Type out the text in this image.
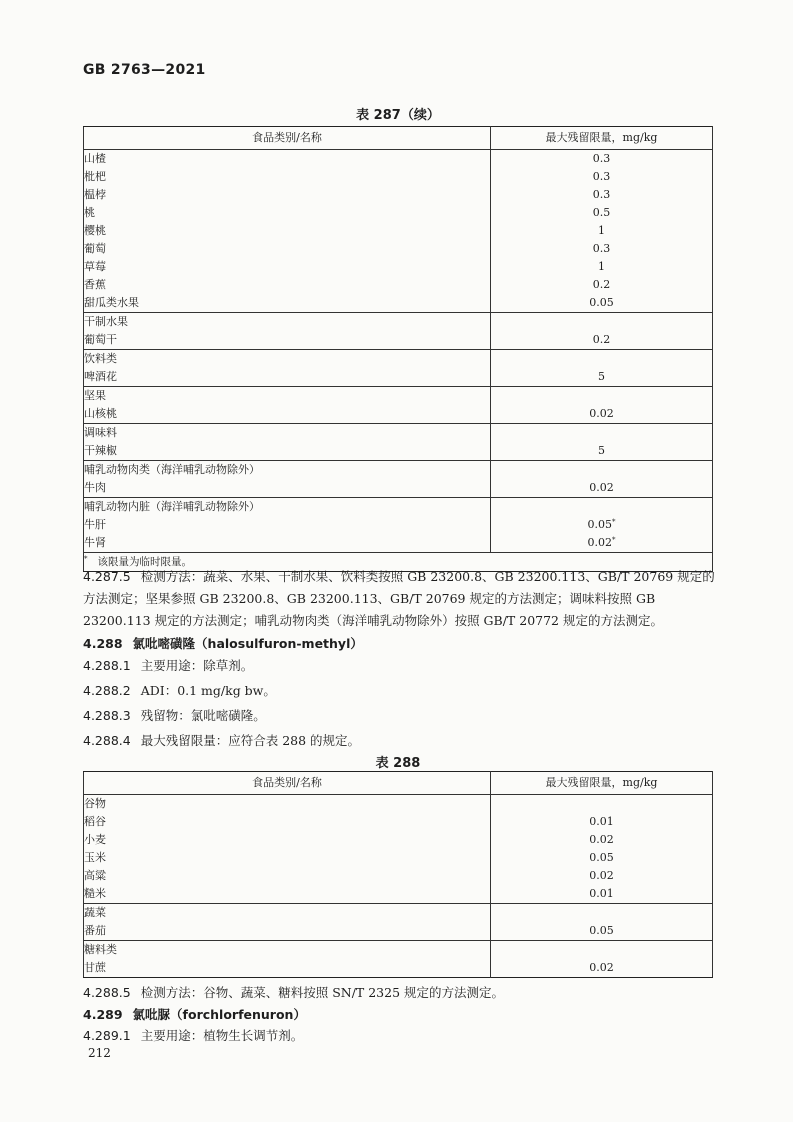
GB 2763—2021
表 287（续）
食品类别/名称	最大残留限量，mg/kg
山楂	0.3
枇杷	0.3
榅桲	0.3
桃	0.5
樱桃	1
葡萄	0.3
草莓	1
香蕉	0.2
甜瓜类水果	0.05
干制水果	
葡萄干	0.2
饮料类	
啤酒花	5
坚果	
山核桃	0.02
调味料	
干辣椒	5
哺乳动物肉类（海洋哺乳动物除外）	
牛肉	0.02
哺乳动物内脏（海洋哺乳动物除外）	
牛肝	0.05*
牛肾	0.02*
* 该限量为临时限量。	
4.287.5 检测方法：蔬菜、水果、干制水果、饮料类按照 GB 23200.8、GB 23200.113、GB/T 20769 规定的方法测定；坚果参照 GB 23200.8、GB 23200.113、GB/T 20769 规定的方法测定；调味料按照 GB 23200.113 规定的方法测定；哺乳动物肉类（海洋哺乳动物除外）按照 GB/T 20772 规定的方法测定。
4.288 氯吡嘧磺隆（halosulfuron-methyl）
4.288.1 主要用途：除草剂。
4.288.2 ADI：0.1 mg/kg bw。
4.288.3 残留物：氯吡嘧磺隆。
4.288.4 最大残留限量：应符合表 288 的规定。
表 288
食品类别/名称	最大残留限量，mg/kg
谷物	
稻谷	0.01
小麦	0.02
玉米	0.05
高粱	0.02
糙米	0.01
蔬菜	
番茄	0.05
糖料类	
甘蔗	0.02
4.288.5 检测方法：谷物、蔬菜、糖料按照 SN/T 2325 规定的方法测定。
4.289 氯吡脲（forchlorfenuron）
4.289.1 主要用途：植物生长调节剂。
212
